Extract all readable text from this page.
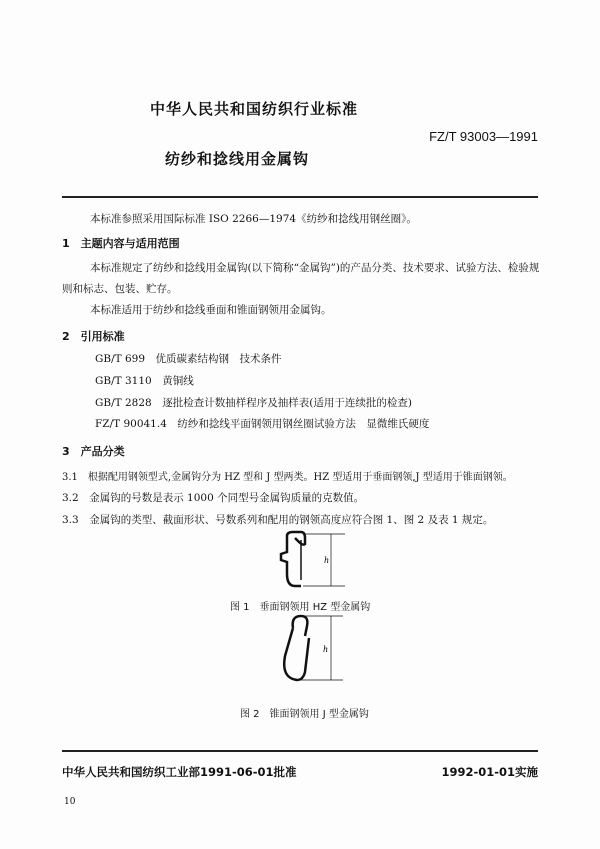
中华人民共和国纺织行业标准
FZ/T 93003—1991
纺纱和捻线用金属钩
本标准参照采用国际标准 ISO 2266—1974《纺纱和捻线用钢丝圈》。
1　主题内容与适用范围
本标准规定了纺纱和捻线用金属钩(以下简称“金属钩”)的产品分类、技术要求、试验方法、检验规
则和标志、包装、贮存。
本标准适用于纺纱和捻线垂面和锥面钢领用金属钩。
2　引用标准
GB/T 699　 优质碳素结构钢　技术条件
GB/T 3110　 黄铜线
GB/T 2828　 逐批检查计数抽样程序及抽样表(适用于连续批的检查)
FZ/T 90041.4　 纺纱和捻线平面钢领用钢丝圈试验方法　显微维氏硬度
3　产品分类
3.1　 根据配用钢领型式,金属钩分为 HZ 型和 J 型两类。HZ 型适用于垂面钢领,J 型适用于锥面钢领。
3.2　 金属钩的号数是表示 1000 个同型号金属钩质量的克数值。
3.3　 金属钩的类型、截面形状、号数系列和配用的钢领高度应符合图 1、图 2 及表 1 规定。
h
图 1　垂面钢领用 HZ 型金属钩
h
图 2　锥面钢领用 J 型金属钩
中华人民共和国纺织工业部1991-06-01批准	1992-01-01实施
10
